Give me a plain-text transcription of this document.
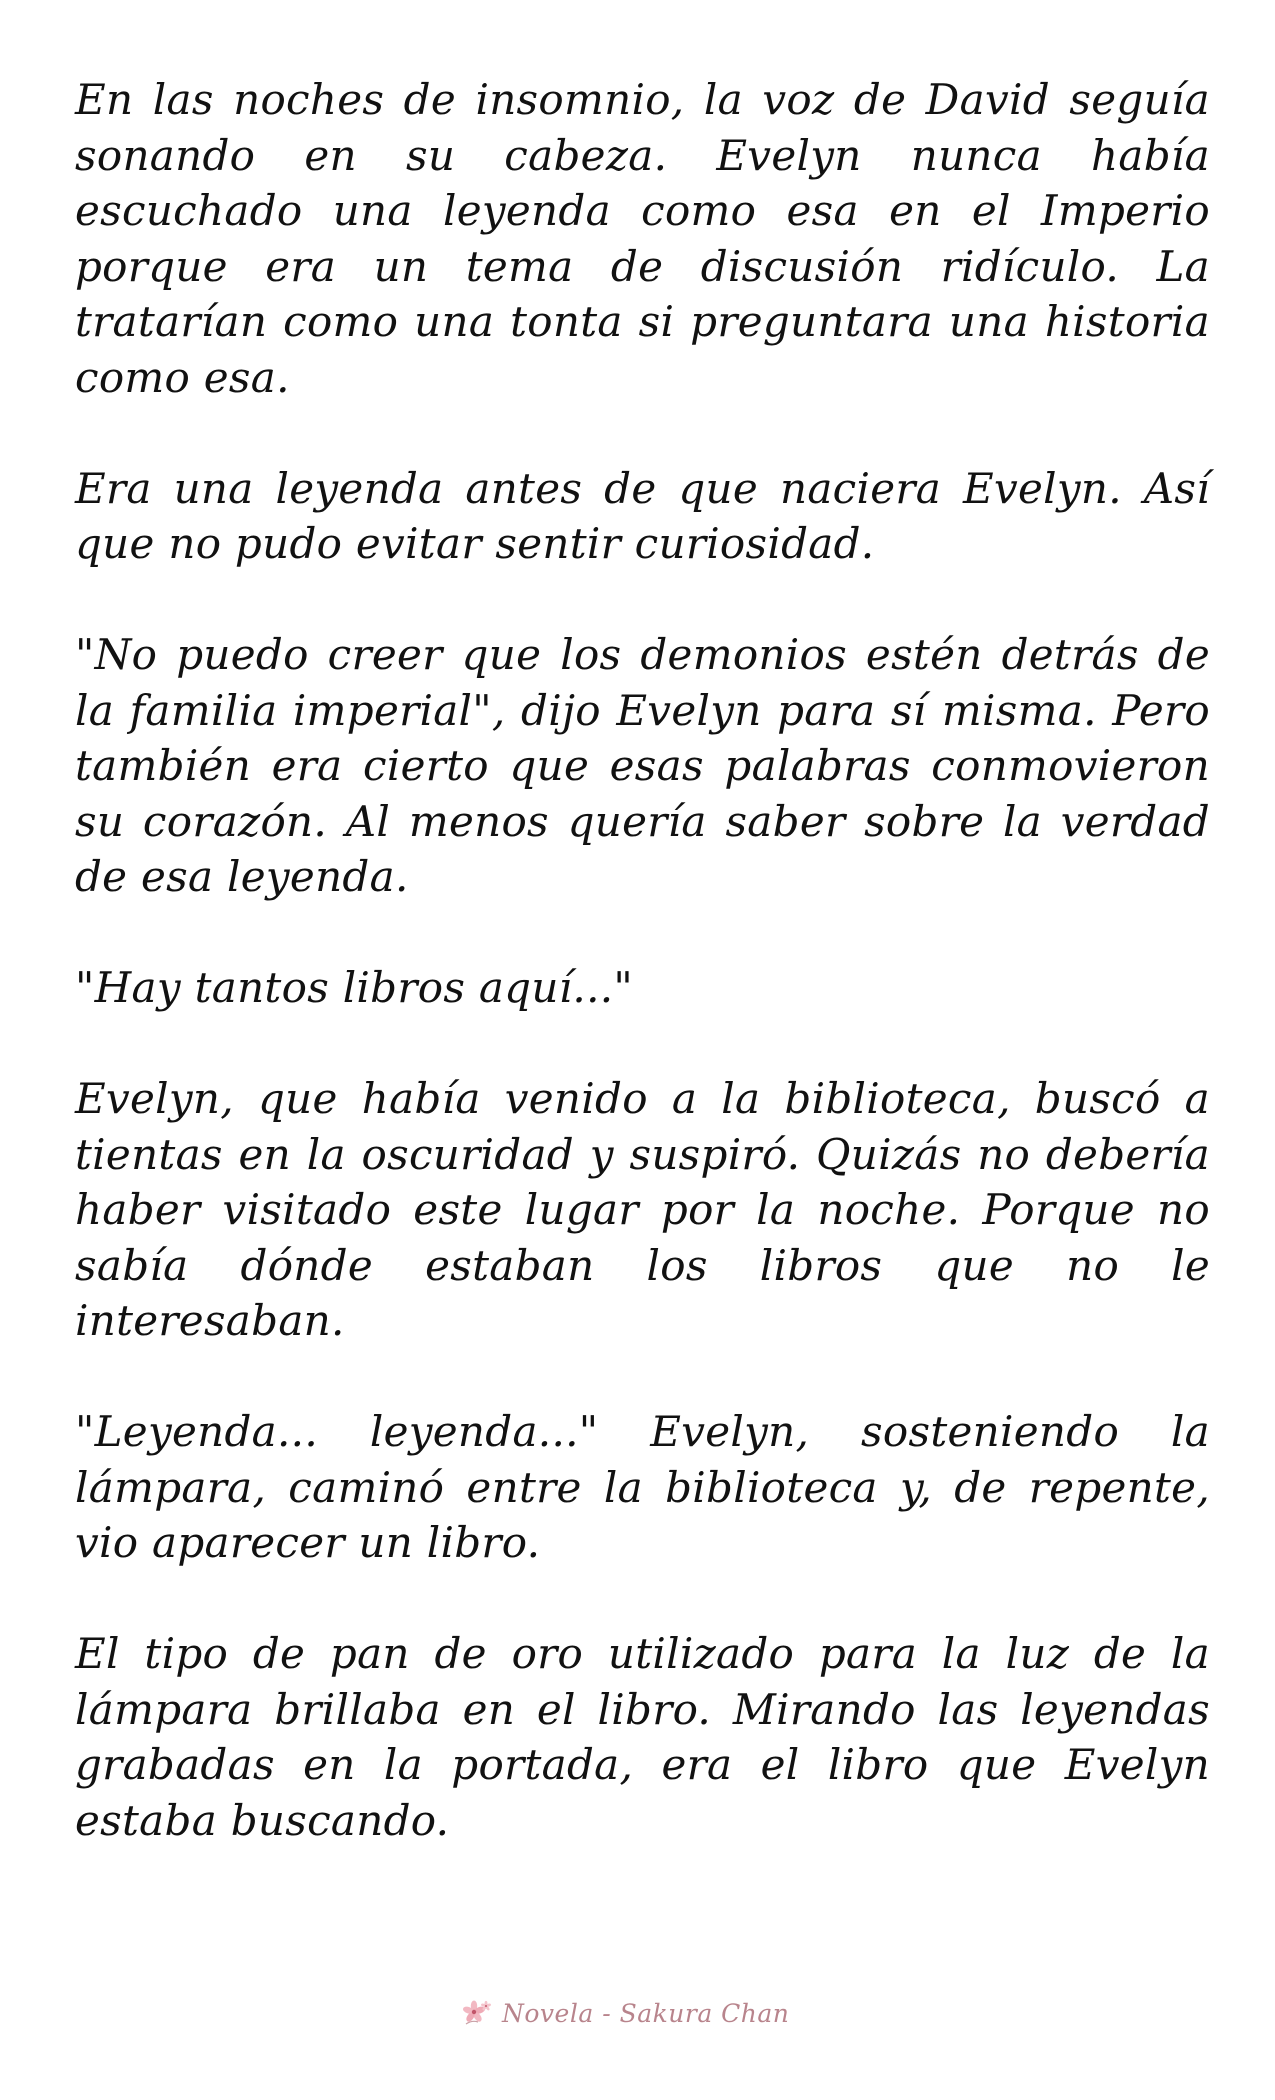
En las noches de insomnio, la voz de David seguía sonando en su cabeza. Evelyn nunca había escuchado una leyenda como esa en el Imperio porque era un tema de discusión ridículo. La tratarían como una tonta si preguntara una historia como esa.

Era una leyenda antes de que naciera Evelyn. Así que no pudo evitar sentir curiosidad.

"No puedo creer que los demonios estén detrás de la familia imperial", dijo Evelyn para sí misma. Pero también era cierto que esas palabras conmovieron su corazón. Al menos quería saber sobre la verdad de esa leyenda.

"Hay tantos libros aquí..."

Evelyn, que había venido a la biblioteca, buscó a tientas en la oscuridad y suspiró. Quizás no debería haber visitado este lugar por la noche. Porque no sabía dónde estaban los libros que no le interesaban.

"Leyenda... leyenda..." Evelyn, sosteniendo la lámpara, caminó entre la biblioteca y, de repente, vio aparecer un libro.

El tipo de pan de oro utilizado para la luz de la lámpara brillaba en el libro. Mirando las leyendas grabadas en la portada, era el libro que Evelyn estaba buscando.

Novela - Sakura Chan
